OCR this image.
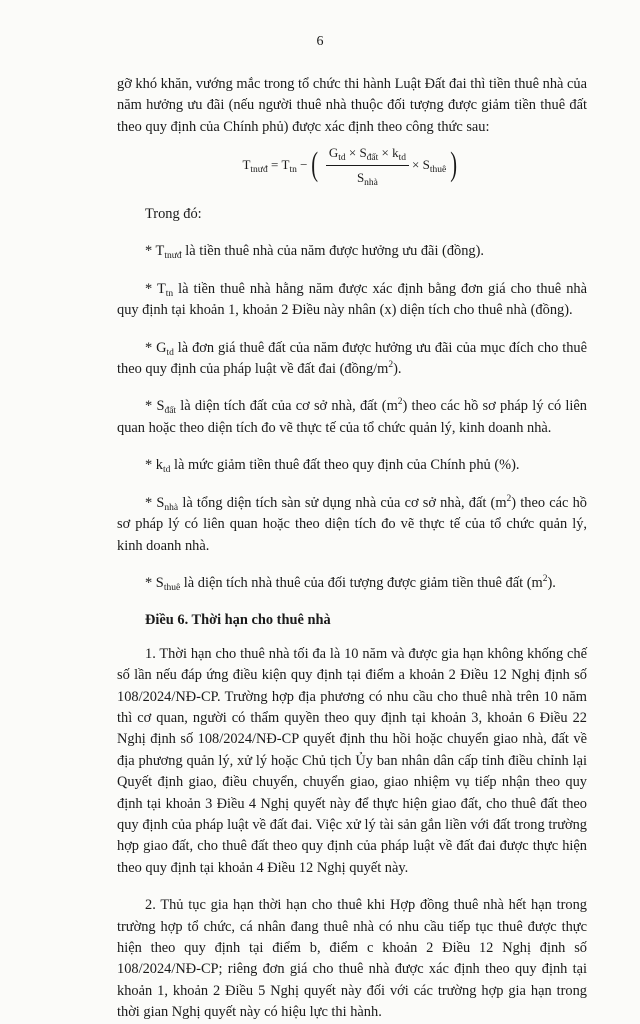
6

gỡ khó khăn, vướng mắc trong tổ chức thi hành Luật Đất đai thì tiền thuê nhà của năm hưởng ưu đãi (nếu người thuê nhà thuộc đối tượng được giảm tiền thuê đất theo quy định của Chính phủ) được xác định theo công thức sau:

$T_{tnưđ}$
=
$T_{tn}$
− ( $\frac{G_{td} \times S_{đất} \times k_{td}}{S_{nhà}}$ ×
$S_{thuê}$ )

Trong đó:

* $T_{tnưđ}$ là tiền thuê nhà của năm được hưởng ưu đãi (đồng).

* $T_{tn}$ là tiền thuê nhà hằng năm được xác định bằng đơn giá cho thuê nhà quy định tại khoản 1, khoản 2 Điều này nhân (x) diện tích cho thuê nhà (đồng).

* $G_{td}$ là đơn giá thuê đất của năm được hưởng ưu đãi của mục đích cho thuê theo quy định của pháp luật về đất đai $(đồng/m^2)$.

* $S_{đất}$ là diện tích đất của cơ sở nhà, đất $(m^2)$ theo các hồ sơ pháp lý có liên quan hoặc theo diện tích đo vẽ thực tế của tổ chức quản lý, kinh doanh nhà.

* $k_{td}$ là mức giảm tiền thuê đất theo quy định của Chính phủ (%).

* $S_{nhà}$ là tổng diện tích sàn sử dụng nhà của cơ sở nhà, đất $(m^2)$ theo các hồ sơ pháp lý có liên quan hoặc theo diện tích đo vẽ thực tế của tổ chức quản lý, kinh doanh nhà.

* $S_{thuê}$ là diện tích nhà thuê của đối tượng được giảm tiền thuê đất $(m^2)$.

Điều 6. Thời hạn cho thuê nhà

1. Thời hạn cho thuê nhà tối đa là 10 năm và được gia hạn không khống chế số lần nếu đáp ứng điều kiện quy định tại điểm a khoản 2 Điều 12 Nghị định số 108/2024/NĐ-CP. Trường hợp địa phương có nhu cầu cho thuê nhà trên 10 năm thì cơ quan, người có thẩm quyền theo quy định tại khoản 3, khoản 6 Điều 22 Nghị định số 108/2024/NĐ-CP quyết định thu hồi hoặc chuyển giao nhà, đất về địa phương quản lý, xử lý hoặc Chủ tịch Ủy ban nhân dân cấp tỉnh điều chỉnh lại Quyết định giao, điều chuyển, chuyển giao, giao nhiệm vụ tiếp nhận theo quy định tại khoản 3 Điều 4 Nghị quyết này để thực hiện giao đất, cho thuê đất theo quy định của pháp luật về đất đai. Việc xử lý tài sản gắn liền với đất trong trường hợp giao đất, cho thuê đất theo quy định của pháp luật về đất đai được thực hiện theo quy định tại khoản 4 Điều 12 Nghị quyết này.

2. Thủ tục gia hạn thời hạn cho thuê khi Hợp đồng thuê nhà hết hạn trong trường hợp tổ chức, cá nhân đang thuê nhà có nhu cầu tiếp tục thuê được thực hiện theo quy định tại điểm b, điểm c khoản 2 Điều 12 Nghị định số 108/2024/NĐ-CP; riêng đơn giá cho thuê nhà được xác định theo quy định tại khoản 1, khoản 2 Điều 5 Nghị quyết này đối với các trường hợp gia hạn trong thời gian Nghị quyết này có hiệu lực thi hành.
